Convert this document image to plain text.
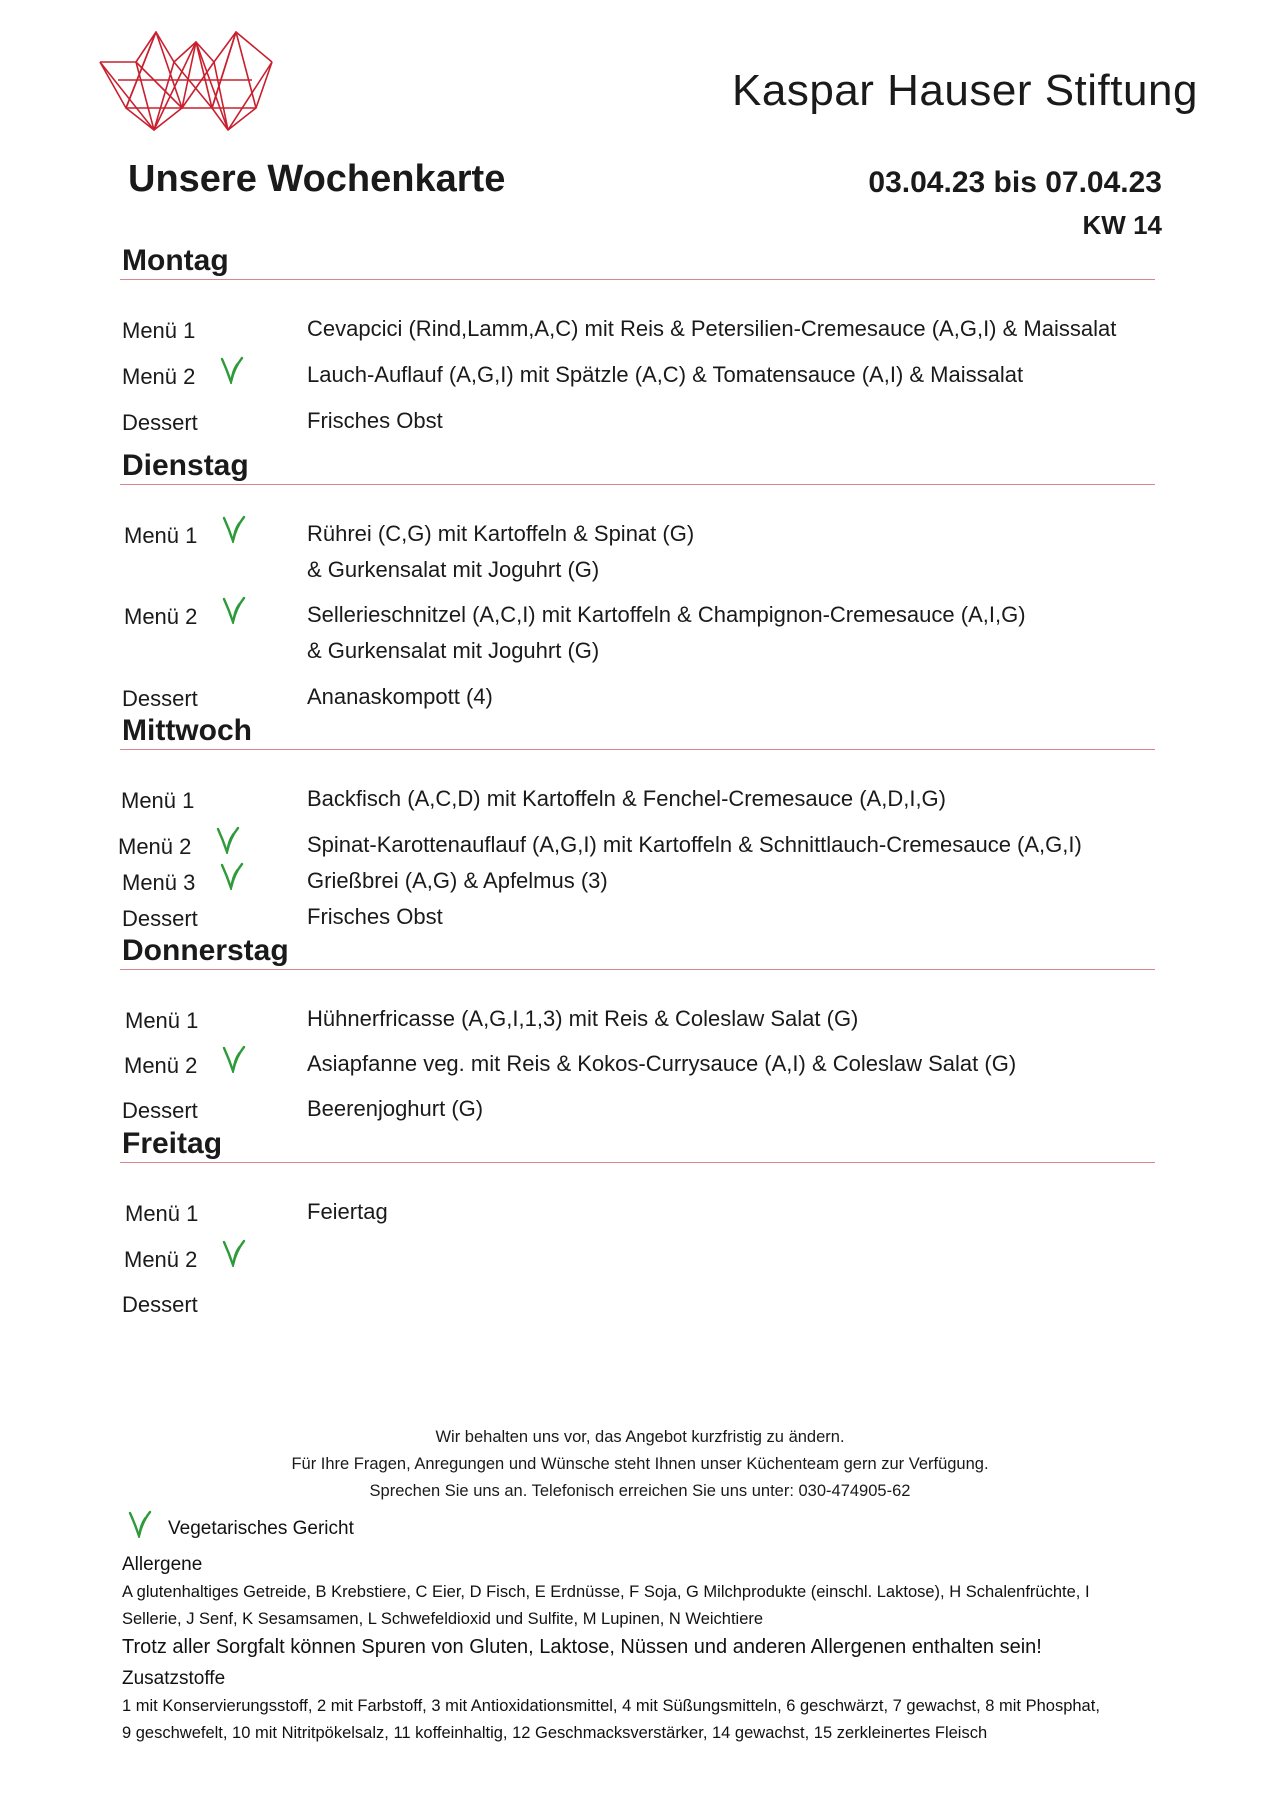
Kaspar Hauser Stiftung
Unsere Wochenkarte	03.04.23 bis 07.04.23
KW 14
Montag
Menü 1	Cevapcici (Rind,Lamm,A,C) mit Reis & Petersilien-Cremesauce (A,G,I) & Maissalat
Menü 2	Lauch-Auflauf (A,G,I) mit Spätzle (A,C) & Tomatensauce (A,I) & Maissalat
Dessert	Frisches Obst
Dienstag
Menü 1	Rührei (C,G) mit Kartoffeln & Spinat (G)
& Gurkensalat mit Joguhrt (G)
Menü 2	Sellerieschnitzel (A,C,I) mit Kartoffeln & Champignon-Cremesauce (A,I,G)
& Gurkensalat mit Joguhrt (G)
Dessert	Ananaskompott (4)
Mittwoch
Menü 1	Backfisch (A,C,D) mit Kartoffeln & Fenchel-Cremesauce (A,D,I,G)
Menü 2	Spinat-Karottenauflauf (A,G,I) mit Kartoffeln & Schnittlauch-Cremesauce (A,G,I)
Menü 3	Grießbrei (A,G) & Apfelmus (3)
Dessert	Frisches Obst
Donnerstag
Menü 1	Hühnerfricasse (A,G,I,1,3) mit Reis & Coleslaw Salat (G)
Menü 2	Asiapfanne veg. mit Reis & Kokos-Currysauce (A,I) & Coleslaw Salat (G)
Dessert	Beerenjoghurt (G)
Freitag
Menü 1	Feiertag
Menü 2
Dessert
Wir behalten uns vor, das Angebot kurzfristig zu ändern.
Für Ihre Fragen, Anregungen und Wünsche steht Ihnen unser Küchenteam gern zur Verfügung.
Sprechen Sie uns an. Telefonisch erreichen Sie uns unter: 030-474905-62
Vegetarisches Gericht
Allergene
A glutenhaltiges Getreide, B Krebstiere, C Eier, D Fisch, E Erdnüsse, F Soja, G Milchprodukte (einschl. Laktose), H Schalenfrüchte, I
Sellerie, J Senf, K Sesamsamen, L Schwefeldioxid und Sulfite, M Lupinen, N Weichtiere
Trotz aller Sorgfalt können Spuren von Gluten, Laktose, Nüssen und anderen Allergenen enthalten sein!
Zusatzstoffe
1 mit Konservierungsstoff, 2 mit Farbstoff, 3 mit Antioxidationsmittel, 4 mit Süßungsmitteln, 6 geschwärzt, 7 gewachst, 8 mit Phosphat,
9 geschwefelt, 10 mit Nitritpökelsalz, 11 koffeinhaltig, 12 Geschmacksverstärker, 14 gewachst, 15 zerkleinertes Fleisch
